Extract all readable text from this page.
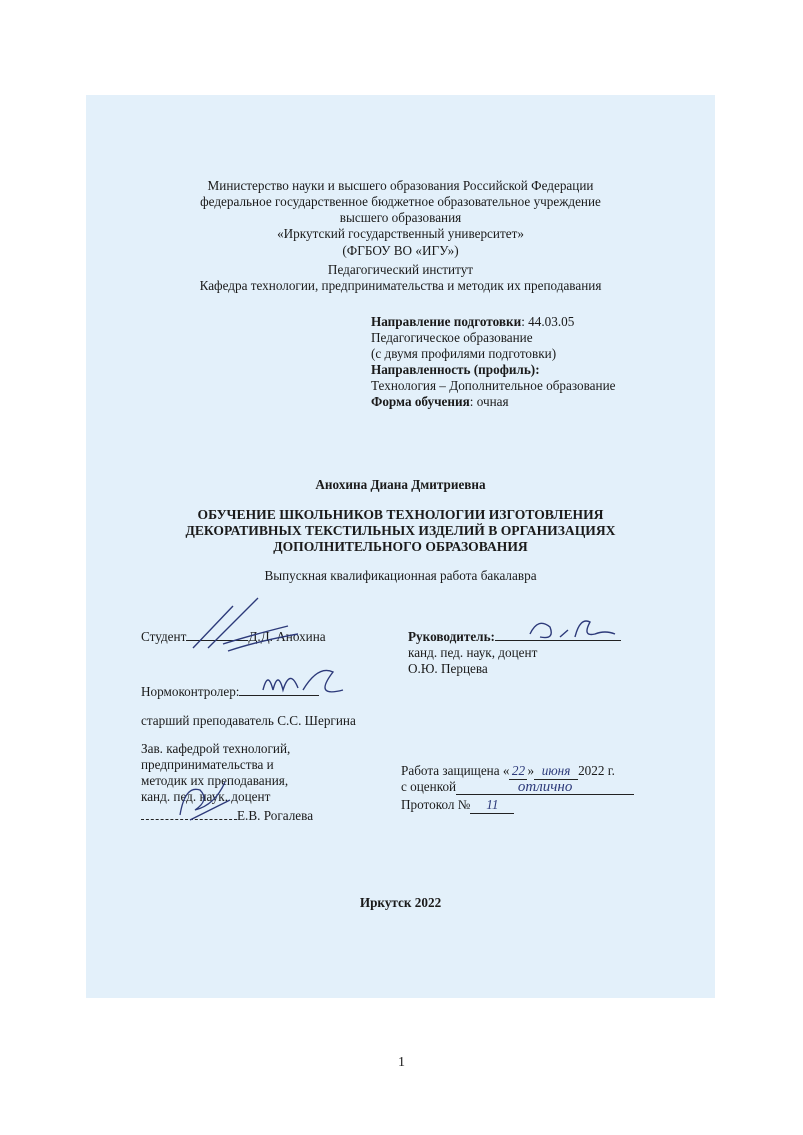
Министерство науки и высшего образования Российской Федерации
федеральное государственное бюджетное образовательное учреждение
высшего образования
«Иркутский государственный университет»
(ФГБОУ ВО «ИГУ»)
Педагогический институт
Кафедра технологии, предпринимательства и методик их преподавания
Направление подготовки: 44.03.05
Педагогическое образование
(с двумя профилями подготовки)
Направленность (профиль):
Технология – Дополнительное образование
Форма обучения: очная
Анохина Диана Дмитриевна
ОБУЧЕНИЕ ШКОЛЬНИКОВ ТЕХНОЛОГИИ ИЗГОТОВЛЕНИЯ
ДЕКОРАТИВНЫХ ТЕКСТИЛЬНЫХ ИЗДЕЛИЙ В ОРГАНИЗАЦИЯХ
ДОПОЛНИТЕЛЬНОГО ОБРАЗОВАНИЯ
Выпускная квалификационная работа бакалавра
Студент	Д.Д. Анохина	Руководитель:
канд. пед. наук, доцент
О.Ю. Перцева
Нормоконтролер:
старший преподаватель С.С. Шергина
Зав. кафедрой технологий,
предпринимательства и
методик их преподавания,
канд. пед. наук, доцент
Е.В. Рогалева
Работа защищена « 22 » июня 2022 г.
с оценкой	отлично
Протокол № 11
Иркутск 2022
1
